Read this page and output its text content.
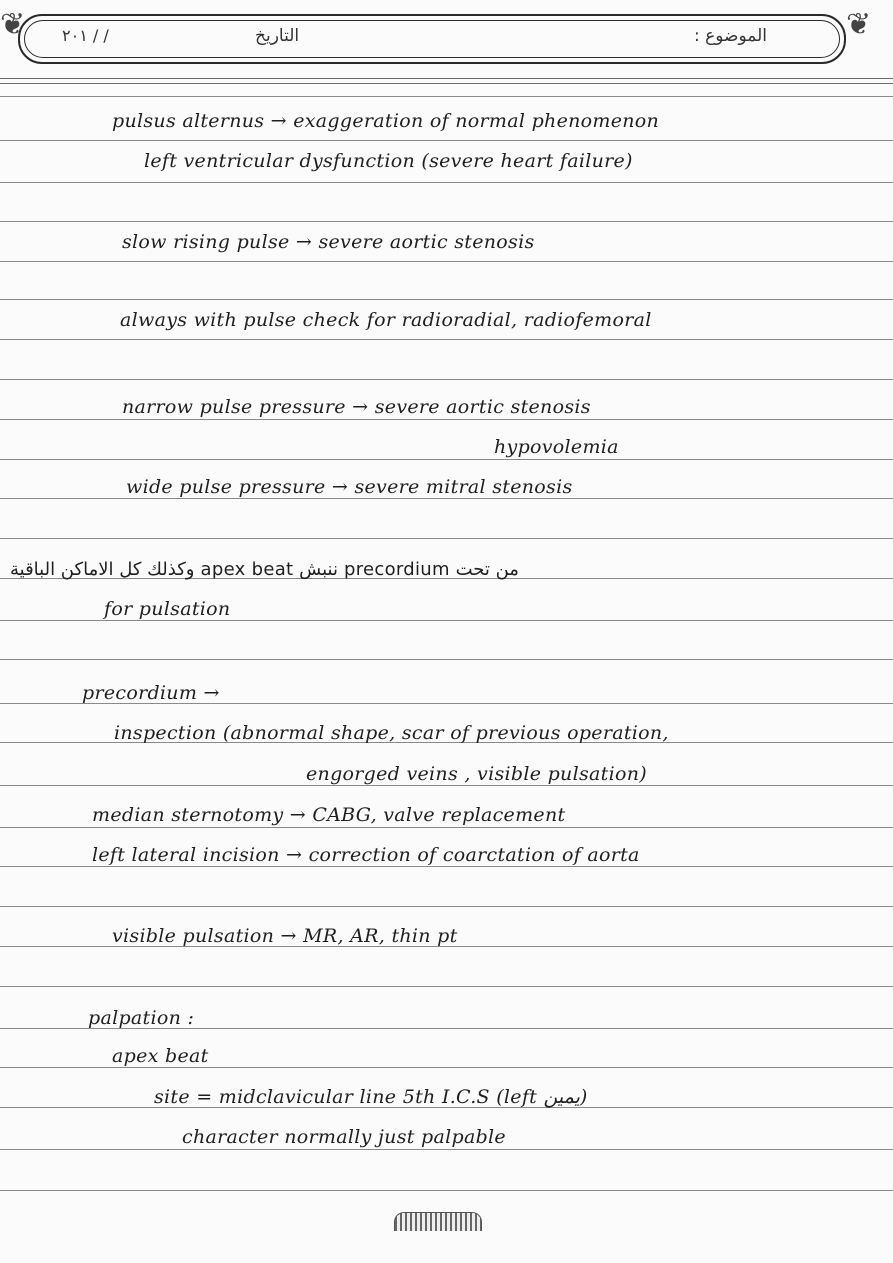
❦	❦
٢٠١ / /	التاريخ	الموضوع :
pulsus alternus → exaggeration of normal phenomenon
left ventricular dysfunction (severe heart failure)
slow rising pulse → severe aortic stenosis
always with pulse check for radioradial, radiofemoral
narrow pulse pressure → severe aortic stenosis
hypovolemia
wide pulse pressure → severe mitral stenosis
من تحت precordium ننبش apex beat وكذلك كل الاماكن الباقية
for pulsation
precordium →
inspection (abnormal shape, scar of previous operation,
engorged veins , visible pulsation)
median sternotomy → CABG, valve replacement
left lateral incision → correction of coarctation of aorta
visible pulsation → MR, AR, thin pt
palpation :
apex beat
site = midclavicular line 5th I.C.S (left يمين)
character normally just palpable
